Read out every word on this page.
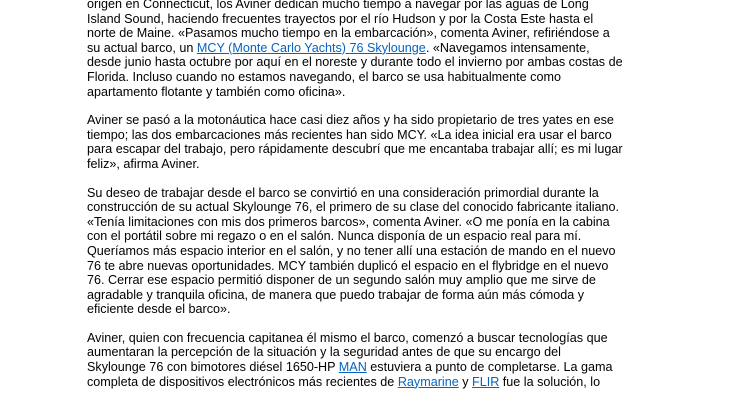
origen en Connecticut, los Aviner dedican mucho tiempo a navegar por las aguas de Long
Island Sound, haciendo frecuentes trayectos por el río Hudson y por la Costa Este hasta el
norte de Maine. «Pasamos mucho tiempo en la embarcación», comenta Aviner, refiriéndose a
su actual barco, un MCY (Monte Carlo Yachts) 76 Skylounge. «Navegamos intensamente,
desde junio hasta octubre por aquí en el noreste y durante todo el invierno por ambas costas de
Florida. Incluso cuando no estamos navegando, el barco se usa habitualmente como
apartamento flotante y también como oficina».

Aviner se pasó a la motonáutica hace casi diez años y ha sido propietario de tres yates en ese
tiempo; las dos embarcaciones más recientes han sido MCY. «La idea inicial era usar el barco
para escapar del trabajo, pero rápidamente descubrí que me encantaba trabajar allí; es mi lugar
feliz», afirma Aviner.

Su deseo de trabajar desde el barco se convirtió en una consideración primordial durante la
construcción de su actual Skylounge 76, el primero de su clase del conocido fabricante italiano.
«Tenía limitaciones con mis dos primeros barcos», comenta Aviner. «O me ponía en la cabina
con el portátil sobre mi regazo o en el salón. Nunca disponía de un espacio real para mí.
Queríamos más espacio interior en el salón, y no tener allí una estación de mando en el nuevo
76 te abre nuevas oportunidades. MCY también duplicó el espacio en el flybridge en el nuevo
76. Cerrar ese espacio permitió disponer de un segundo salón muy amplio que me sirve de
agradable y tranquila oficina, de manera que puedo trabajar de forma aún más cómoda y
eficiente desde el barco».

Aviner, quien con frecuencia capitanea él mismo el barco, comenzó a buscar tecnologías que
aumentaran la percepción de la situación y la seguridad antes de que su encargo del
Skylounge 76 con bimotores diésel 1650-HP MAN estuviera a punto de completarse. La gama
completa de dispositivos electrónicos más recientes de Raymarine y FLIR fue la solución, lo
